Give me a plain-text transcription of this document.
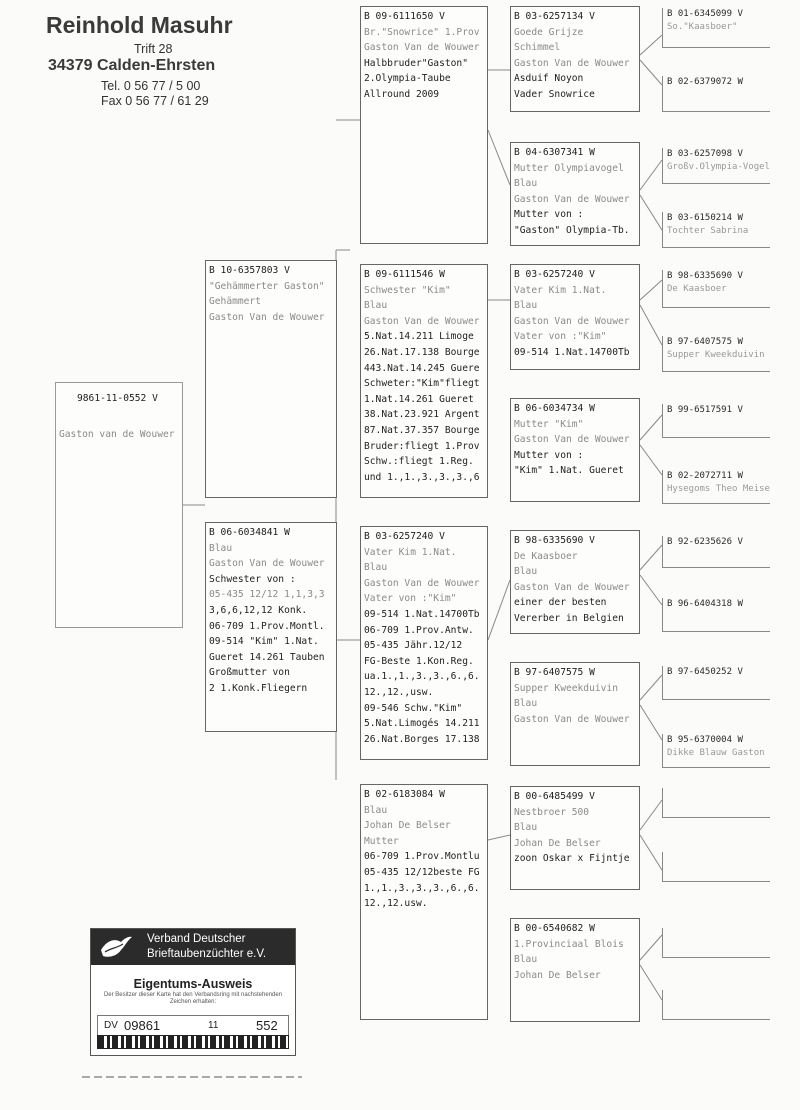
Reinhold Masuhr
Trift 28
34379 Calden-Ehrsten
Tel. 0 56 77 / 5 00
Fax 0 56 77 / 61 29
9861-11-0552 V
Gaston van de Wouwer
B 10-6357803 V
"Gehämmerter Gaston"
Gehämmert
Gaston Van de Wouwer
B 06-6034841 W
Blau
Gaston Van de Wouwer
Schwester von :
05-435 12/12 1,1,3,3
3,6,6,12,12 Konk.
06-709 1.Prov.Montl.
09-514 "Kim" 1.Nat.
Gueret 14.261 Tauben
Großmutter von
2 1.Konk.Fliegern
B 09-6111650 V
Br."Snowrice" 1.Prov
Gaston Van de Wouwer
Halbbruder"Gaston"
2.Olympia-Taube
Allround 2009
B 09-6111546 W
Schwester "Kim"
Blau
Gaston Van de Wouwer
5.Nat.14.211 Limoge
26.Nat.17.138 Bourge
443.Nat.14.245 Guere
Schweter:"Kim"fliegt
1.Nat.14.261 Gueret
38.Nat.23.921 Argent
87.Nat.37.357 Bourge
Bruder:fliegt 1.Prov
Schw.:fliegt 1.Reg.
und 1.,1.,3.,3.,3.,6
B 03-6257240 V
Vater Kim 1.Nat.
Blau
Gaston Van de Wouwer
Vater von :"Kim"
09-514 1.Nat.14700Tb
06-709 1.Prov.Antw.
05-435 Jähr.12/12
FG-Beste 1.Kon.Reg.
ua.1.,1.,3.,3.,6.,6.
12.,12.,usw.
09-546 Schw."Kim"
5.Nat.Limogés 14.211
26.Nat.Borges 17.138
B 02-6183084 W
Blau
Johan De Belser
Mutter
06-709 1.Prov.Montlu
05-435 12/12beste FG
1.,1.,3.,3.,3.,6.,6.
12.,12.usw.
B 03-6257134 V
Goede Grijze
Schimmel
Gaston Van de Wouwer
Asduif Noyon
Vader Snowrice
B 04-6307341 W
Mutter Olympiavogel
Blau
Gaston Van de Wouwer
Mutter von :
"Gaston" Olympia-Tb.
B 03-6257240 V
Vater Kim 1.Nat.
Blau
Gaston Van de Wouwer
Vater von :"Kim"
09-514 1.Nat.14700Tb
B 06-6034734 W
Mutter "Kim"
Gaston Van de Wouwer
Mutter von :
"Kim" 1.Nat. Gueret
B 98-6335690 V
De Kaasboer
Blau
Gaston Van de Wouwer
einer der besten
Vererber in Belgien
B 97-6407575 W
Supper Kweekduivin
Blau
Gaston Van de Wouwer
B 00-6485499 V
Nestbroer 500
Blau
Johan De Belser
zoon Oskar x Fijntje
B 00-6540682 W
1.Provinciaal Blois
Blau
Johan De Belser
B 01-6345099 V
So."Kaasboer"
B 02-6379072 W
B 03-6257098 V
Großv.Olympia-Vogel
B 03-6150214 W
Tochter Sabrina
B 98-6335690 V
De Kaasboer
B 97-6407575 W
Supper Kweekduivin
B 99-6517591 V
B 02-2072711 W
Hysegoms Theo Meise
B 92-6235626 V
B 96-6404318 W
B 97-6450252 V
B 95-6370004 W
Dikke Blauw Gaston
Verband Deutscher
Brieftaubenzüchter e.V.
Eigentums-Ausweis
Der Besitzer dieser Karte hat den Verbandsring mit nachstehenden Zeichen erhalten:
DV 09861	11	552
